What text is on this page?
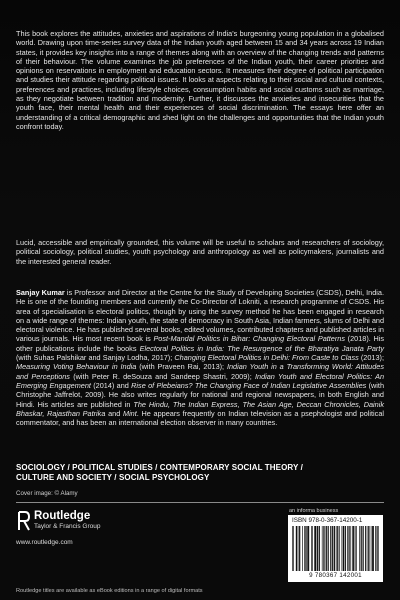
This book explores the attitudes, anxieties and aspirations of India's burgeoning young population in a globalised world. Drawing upon time-series survey data of the Indian youth aged between 15 and 34 years across 19 Indian states, it provides key insights into a range of themes along with an overview of the changing trends and patterns of their behaviour. The volume examines the job preferences of the Indian youth, their career priorities and opinions on reservations in employment and education sectors. It measures their degree of political participation and studies their attitude regarding political issues. It looks at aspects relating to their social and cultural contexts, preferences and practices, including lifestyle choices, consumption habits and social customs such as marriage, as they negotiate between tradition and modernity. Further, it discusses the anxieties and insecurities that the youth face, their mental health and their experiences of social discrimination. The essays here offer an understanding of a critical demographic and shed light on the challenges and opportunities that the Indian youth confront today.
Lucid, accessible and empirically grounded, this volume will be useful to scholars and researchers of sociology, political sociology, political studies, youth psychology and anthropology as well as policymakers, journalists and the interested general reader.
Sanjay Kumar is Professor and Director at the Centre for the Study of Developing Societies (CSDS), Delhi, India. He is one of the founding members and currently the Co-Director of Lokniti, a research programme of CSDS. His area of specialisation is electoral politics, though by using the survey method he has been engaged in research on a wide range of themes: Indian youth, the state of democracy in South Asia, Indian farmers, slums of Delhi and electoral violence. He has published several books, edited volumes, contributed chapters and published articles in various journals. His most recent book is Post-Mandal Politics in Bihar: Changing Electoral Patterns (2018). His other publications include the books Electoral Politics in India: The Resurgence of the Bharatiya Janata Party (with Suhas Palshikar and Sanjay Lodha, 2017); Changing Electoral Politics in Delhi: From Caste to Class (2013); Measuring Voting Behaviour in India (with Praveen Rai, 2013); Indian Youth in a Transforming World: Attitudes and Perceptions (with Peter R. deSouza and Sandeep Shastri, 2009); Indian Youth and Electoral Politics: An Emerging Engagement (2014) and Rise of Plebeians? The Changing Face of Indian Legislative Assemblies (with Christophe Jaffrelot, 2009). He also writes regularly for national and regional newspapers, in both English and Hindi. His articles are published in The Hindu, The Indian Express, The Asian Age, Deccan Chronicles, Dainik Bhaskar, Rajasthan Patrika and Mint. He appears frequently on Indian television as a psephologist and political commentator, and has been an international election observer in many countries.
SOCIOLOGY / POLITICAL STUDIES / CONTEMPORARY SOCIAL THEORY /
CULTURE AND SOCIETY / SOCIAL PSYCHOLOGY
Cover image: © Alamy
Routledge
Taylor & Francis Group
www.routledge.com
an informa business
ISBN 978-0-367-14200-1
9 780367 142001
Routledge titles are available as eBook editions in a range of digital formats
